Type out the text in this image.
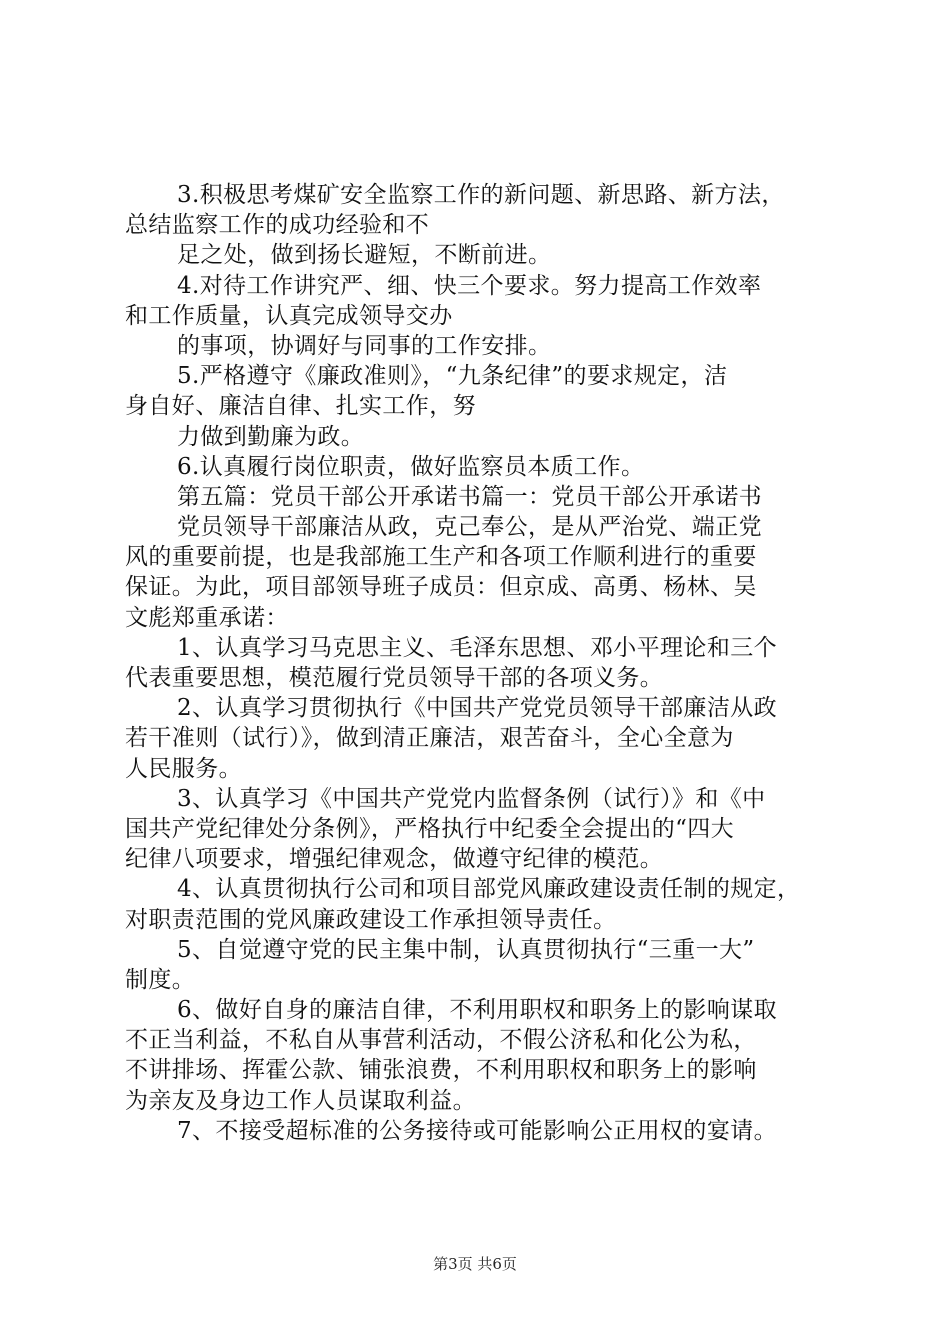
3.积极思考煤矿安全监察工作的新问题、新思路、新方法，
总结监察工作的成功经验和不
足之处，做到扬长避短，不断前进。
4.对待工作讲究严、细、快三个要求。努力提高工作效率
和工作质量，认真完成领导交办
的事项，协调好与同事的工作安排。
5.严格遵守《廉政准则》，“九条纪律”的要求规定，洁
身自好、廉洁自律、扎实工作，努
力做到勤廉为政。
6.认真履行岗位职责，做好监察员本质工作。
第五篇：党员干部公开承诺书篇一：党员干部公开承诺书
党员领导干部廉洁从政，克己奉公，是从严治党、端正党
风的重要前提，也是我部施工生产和各项工作顺利进行的重要
保证。为此，项目部领导班子成员：但京成、高勇、杨林、吴
文彪郑重承诺：
1、认真学习马克思主义、毛泽东思想、邓小平理论和三个
代表重要思想，模范履行党员领导干部的各项义务。
2、认真学习贯彻执行《中国共产党党员领导干部廉洁从政
若干准则（试行）》，做到清正廉洁，艰苦奋斗，全心全意为
人民服务。
3、认真学习《中国共产党党内监督条例（试行）》和《中
国共产党纪律处分条例》，严格执行中纪委全会提出的“四大
纪律八项要求，增强纪律观念，做遵守纪律的模范。
4、认真贯彻执行公司和项目部党风廉政建设责任制的规定，
对职责范围的党风廉政建设工作承担领导责任。
5、自觉遵守党的民主集中制，认真贯彻执行“三重一大”
制度。
6、做好自身的廉洁自律，不利用职权和职务上的影响谋取
不正当利益，不私自从事营利活动，不假公济私和化公为私，
不讲排场、挥霍公款、铺张浪费，不利用职权和职务上的影响
为亲友及身边工作人员谋取利益。
7、不接受超标准的公务接待或可能影响公正用权的宴请。
第3页 共6页
